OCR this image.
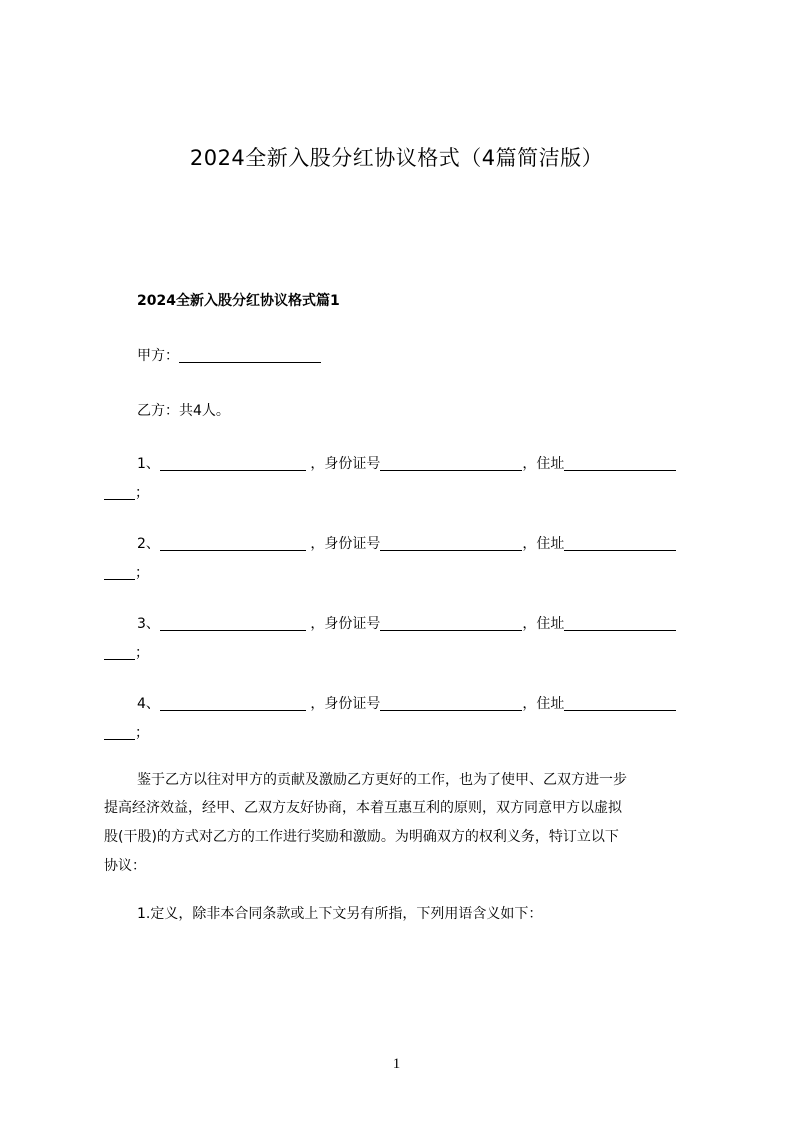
2024全新入股分红协议格式（4篇简洁版）
2024全新入股分红协议格式篇1
甲方：
乙方：共4人。
1、	，身份证号	，住址
；
2、	，身份证号	，住址
；
3、	，身份证号	，住址
；
4、	，身份证号	，住址
；
鉴于乙方以往对甲方的贡献及激励乙方更好的工作，也为了使甲、乙双方进一步
提高经济效益，经甲、乙双方友好协商，本着互惠互利的原则，双方同意甲方以虚拟
股(干股)的方式对乙方的工作进行奖励和激励。为明确双方的权利义务，特订立以下
协议：
1.定义，除非本合同条款或上下文另有所指，下列用语含义如下：
1
